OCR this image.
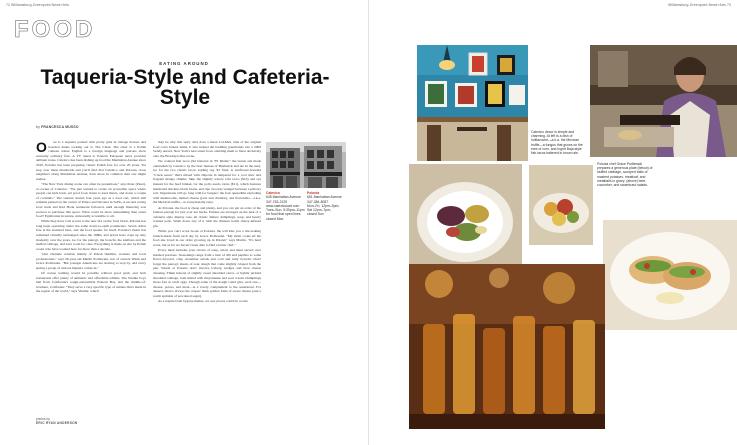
72 Williamsburg-Greenpoint News+Arts
FOOD
EATING AROUND
Taqueria-Style and Cafeteria-Style
by FRANCESCA MUSSO
O	ne is a taqueria packed with pretty girls in vintage dresses and bearded dudes rocking out to The Clash. The other is a Polish canteen where English is a foreign language and patrons show earnestly ordinary fare. A TV tuned to Eastern European news provides ambient noise. Calexico has been dishing up food the Manhattan Avenue since 2010, Polonia has been preparing classic Polish fare for over 20 years. Yet step over these thresholds and you'll find that Calexico and Polonia, close neighbors along Manhattan Avenue, have more in common than one might realize.

"The New York dining scene can often be pretentious," says Peter (Peter), co-owner of Calexico. "We just wanted to create an accessible space where people can kick back, eat good food, listen to loud music, and down a couple of cocktails." The venture started four years ago as a food cart, which still remains parked on the corner of Prince and Wooster in SoHo. A second roving food truck and Red Hook restaurant followed, until enough financing was secured to purchase this space. What could be more unassuming than street food? Egalitarian in nature, universally accessible to all.

While they have Cali accent to the new fad on the food block, Polonia has long been operating under the same down-to-earth parameters. Seven dollar fare is the standard here, and the food speaks for itself. Polonia's menu has remained virtually unchanged since the 1980s, and prices have crept up only modestly over the years. Go for the pierogi, the borscht, the kielbasa and the stuffed cabbage, and save room for cake. Everything is made on site by Polish cooks who have worked here for more than a decade.

"Our clientele consists mainly of Polish families, workers and local professionals," says 26-year-old Martin Podlewski, son of owners Witek and Grace Podlewski. "But younger Americans are starting to stop by, and every spring a group of curious hipsters comes in."

Of course nothing would be possible without good grub, and both restaurants offer plenty of authentic and affordable edibles. The Vindler boys hail from California's rough-and-tumble Eastern Bay, and the middle-of-nowhere, California: "They serve a very specific type of cuisine that's made in the region of the world," says Vindler, which

may be why this spicy dive does a mean Cal-Mex. One of the original food cart's hottest items, it also helped the budding gourmands win a 2009 Vendy Award, New York's best street food, enabling them to burst decisively onto the Brooklyn dine scene.

We ordered fish tacos ($4 battered in "El Diablo" the bonus sits made outlandish by Calexico by the beer masses of Bushwick and ate in the sun). Go for the two classic tacos: sapling reg. $3 fried, at sunflower-breaded "Crack sauce" that's mixed with chipotle in tempered for a cool slaw and fragrant mango chunks. Skip the slightly watery tofu tacos ($10) and opt instead for the beef brisket, for the pollo asado tortas ($11), which features marinated chicken, black beans, and ripe avocado wedged between a pillowy roll. Vegetarians will go long wild for burgers: the four quesadilla exploding with mushrooms, melted cheese (jack and cheddar), and Portobello—a.k.a. the Mexican truffle—is exceptionally tasty.

At Polonia, the food is cheap and plenty, and you can get an order of the famous pierogi for just over ten bucks. Entrées are arranged on the heat of a cafeteria style display case, all classic dishes: dumplings, soup, and hearty crusted pork. Wash down any of it with the thirteen bottle cherry-infused gin.

While you can't score booze at Polonia, the will kiss you a ritz-stoking brunch-made fresh each day by Grace Podlewski. "My mom cooks all the food she loved in our older growing up in Poland," says Martin. "It's hard work, but as far we haven't been able to find a better chef."

Every meal includes your choice of soup, salad, and meat served over mashed potatoes. Seasonings range from a hint of dill and paprika to some flavor-forward, crisp cucumber salads and cold and salty borscht. Don't forget the pierogi; sheets of sour dough that come slightly crisped from the pan. Salads at Polonia don't involve iceberg wedges and bleu cheese dressing. Think instead of slightly sweet shredded carrot, or lightly pickled shredded cabbage, both mixed with mayonnaise and sour cream. Dumplings move fast as catch eggs. Though some of the dough could give, each one—cheese, potato, and meat—is a lovely complement to the sauerkraut. For dessert, there's always the crepes: thick golden folds of sweet cheese (and a warm sprinkle of powdered sugar).

As a respite from bygone menus, we saw places could be cooler.

Calexico
645 Manhattan Avenue
347-763-2129
www.calexicocart.com
Tues–Sun, 5:30pm–11pm
for food that open lines
closed Mon
Polonia
651 Manhattan Avenue
347-384-8087
Mon–Fri, 12pm–9pm;
Sat 12pm–7pm;
closed Sun
photos by
ERIC RYAN ANDERSON
Williamsburg-Greenpoint News+Arts 73
Calexico decor is simple and charming. At left is a dish of huitlacoche—a.k.a. the Mexican truffle—a fungus that grows on the ears of corn, and Ingrid Baja-style fish tacos battered in brown ale.
Polonia chef Grace Podlewski prepares a generous plate (below) of stuffed cabbage, scooped balls of mashed potatoes, meatloaf, and meatballs in gravy; (above) beet, cucumber, and sauerkraut salads.
